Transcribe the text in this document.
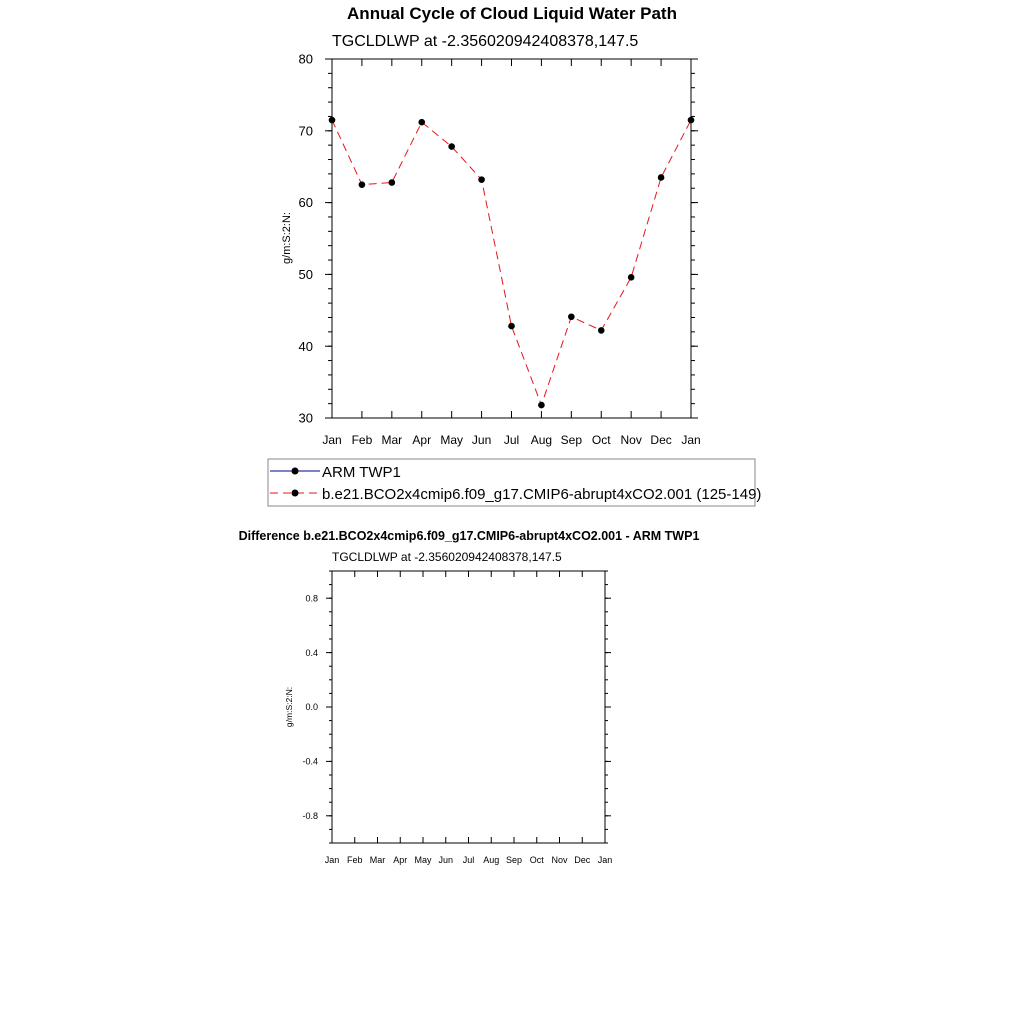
Annual Cycle of Cloud Liquid Water Path
TGCLDLWP at -2.356020942408378,147.5
g/m:S:2:N:
30
40
50
60
70
80
Jan Feb Mar Apr May Jun Jul Aug Sep Oct Nov Dec Jan
ARM TWP1
b.e21.BCO2x4cmip6.f09_g17.CMIP6-abrupt4xCO2.001 (125-149)
Difference b.e21.BCO2x4cmip6.f09_g17.CMIP6-abrupt4xCO2.001 - ARM TWP1
TGCLDLWP at -2.356020942408378,147.5
g/m:S:2:N:
-0.8
-0.4
0.0
0.4
0.8
Jan Feb Mar Apr May Jun Jul Aug Sep Oct Nov Dec Jan
